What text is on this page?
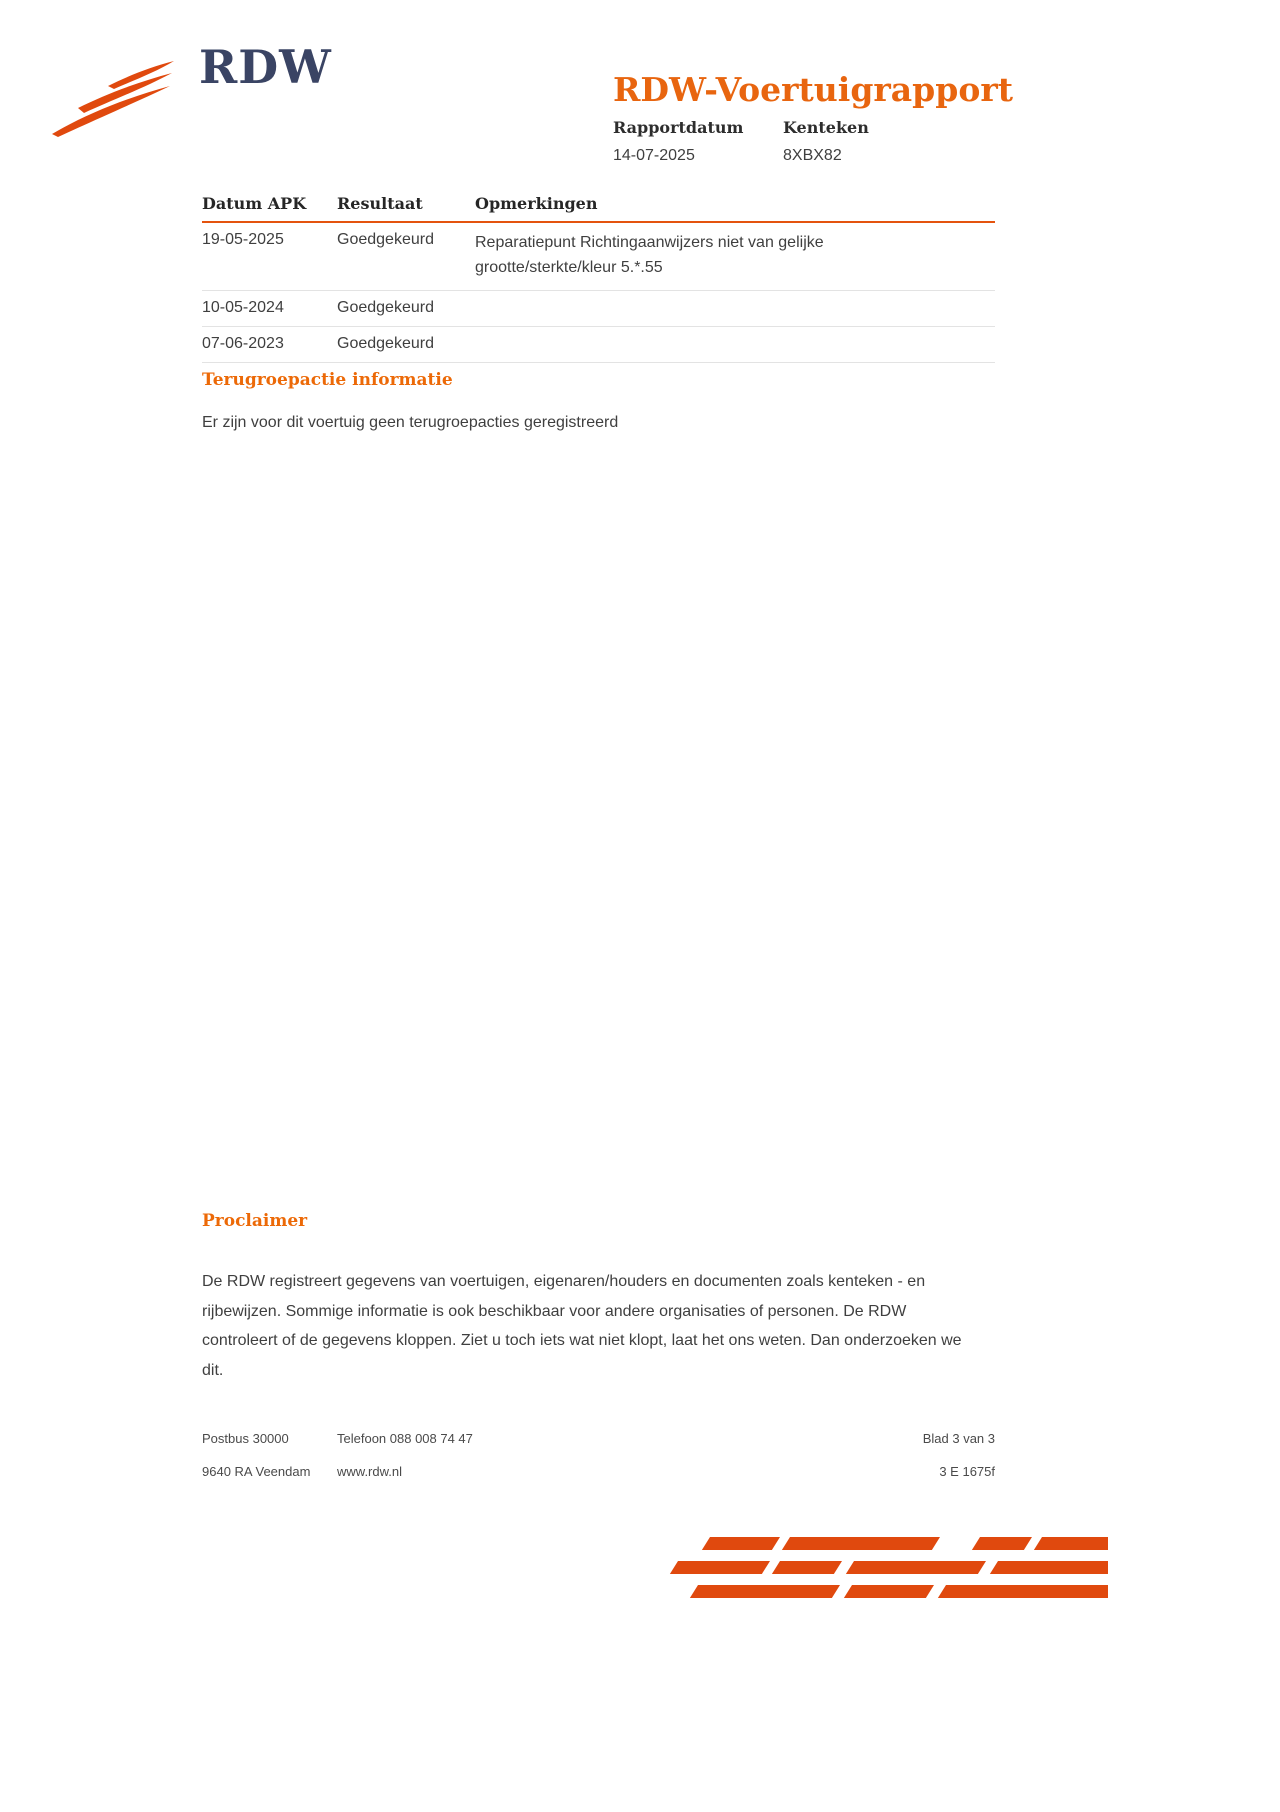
RDW	RDW-Voertuigrapport
Rapportdatum
14-07-2025
Kenteken
8XBX82
Datum APK	Resultaat	Opmerkingen
19-05-2025	Goedgekeurd	Reparatiepunt Richtingaanwijzers niet van gelijke grootte/sterkte/kleur 5.*.55
10-05-2024	Goedgekeurd
07-06-2023	Goedgekeurd
Terugroepactie informatie
Er zijn voor dit voertuig geen terugroepacties geregistreerd
Proclaimer
De RDW registreert gegevens van voertuigen, eigenaren/houders en documenten zoals kenteken - en rijbewijzen. Sommige informatie is ook beschikbaar voor andere organisaties of personen. De RDW controleert of de gegevens kloppen. Ziet u toch iets wat niet klopt, laat het ons weten. Dan onderzoeken we dit.
Postbus 30000	Telefoon 088 008 74 47	Blad 3 van 3
9640 RA Veendam	www.rdw.nl	3 E 1675f
